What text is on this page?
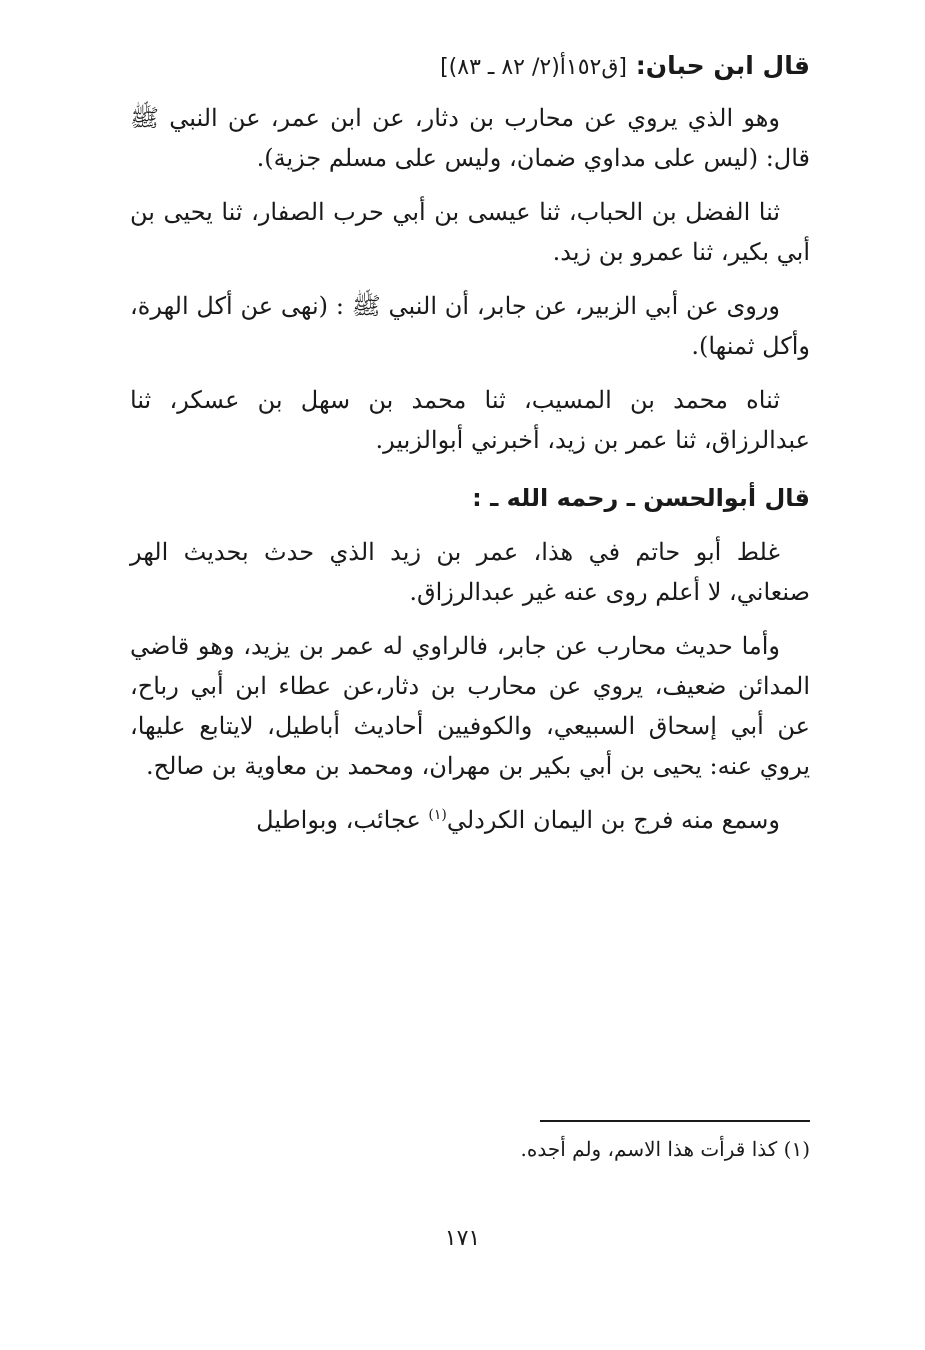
قال ابن حبان: [ق١٥٢أ(٢/ ٨٢ ـ ٨٣)]

وهو الذي يروي عن محارب بن دثار، عن ابن عمر، عن النبي ﷺ قال: (ليس على مداوي ضمان، وليس على مسلم جزية).

ثنا الفضل بن الحباب، ثنا عيسى بن أبي حرب الصفار، ثنا يحيى بن أبي بكير، ثنا عمرو بن زيد.

وروى عن أبي الزبير، عن جابر، أن النبي ﷺ : (نهى عن أكل الهرة، وأكل ثمنها).

ثناه محمد بن المسيب، ثنا محمد بن سهل بن عسكر، ثنا عبدالرزاق، ثنا عمر بن زيد، أخبرني أبوالزبير.

قال أبوالحسن ـ رحمه الله ـ :

غلط أبو حاتم في هذا، عمر بن زيد الذي حدث بحديث الهر صنعاني، لا أعلم روى عنه غير عبدالرزاق.

وأما حديث محارب عن جابر، فالراوي له عمر بن يزيد، وهو قاضي المدائن ضعيف، يروي عن محارب بن دثار،عن عطاء ابن أبي رباح، عن أبي إسحاق السبيعي، والكوفيين أحاديث أباطيل، لايتابع عليها، يروي عنه: يحيى بن أبي بكير بن مهران، ومحمد بن معاوية بن صالح.

وسمع منه فرج بن اليمان الكردلي$^{(١)}$ عجائب، وبواطيل

(١) كذا قرأت هذا الاسم، ولم أجده.
١٧١
